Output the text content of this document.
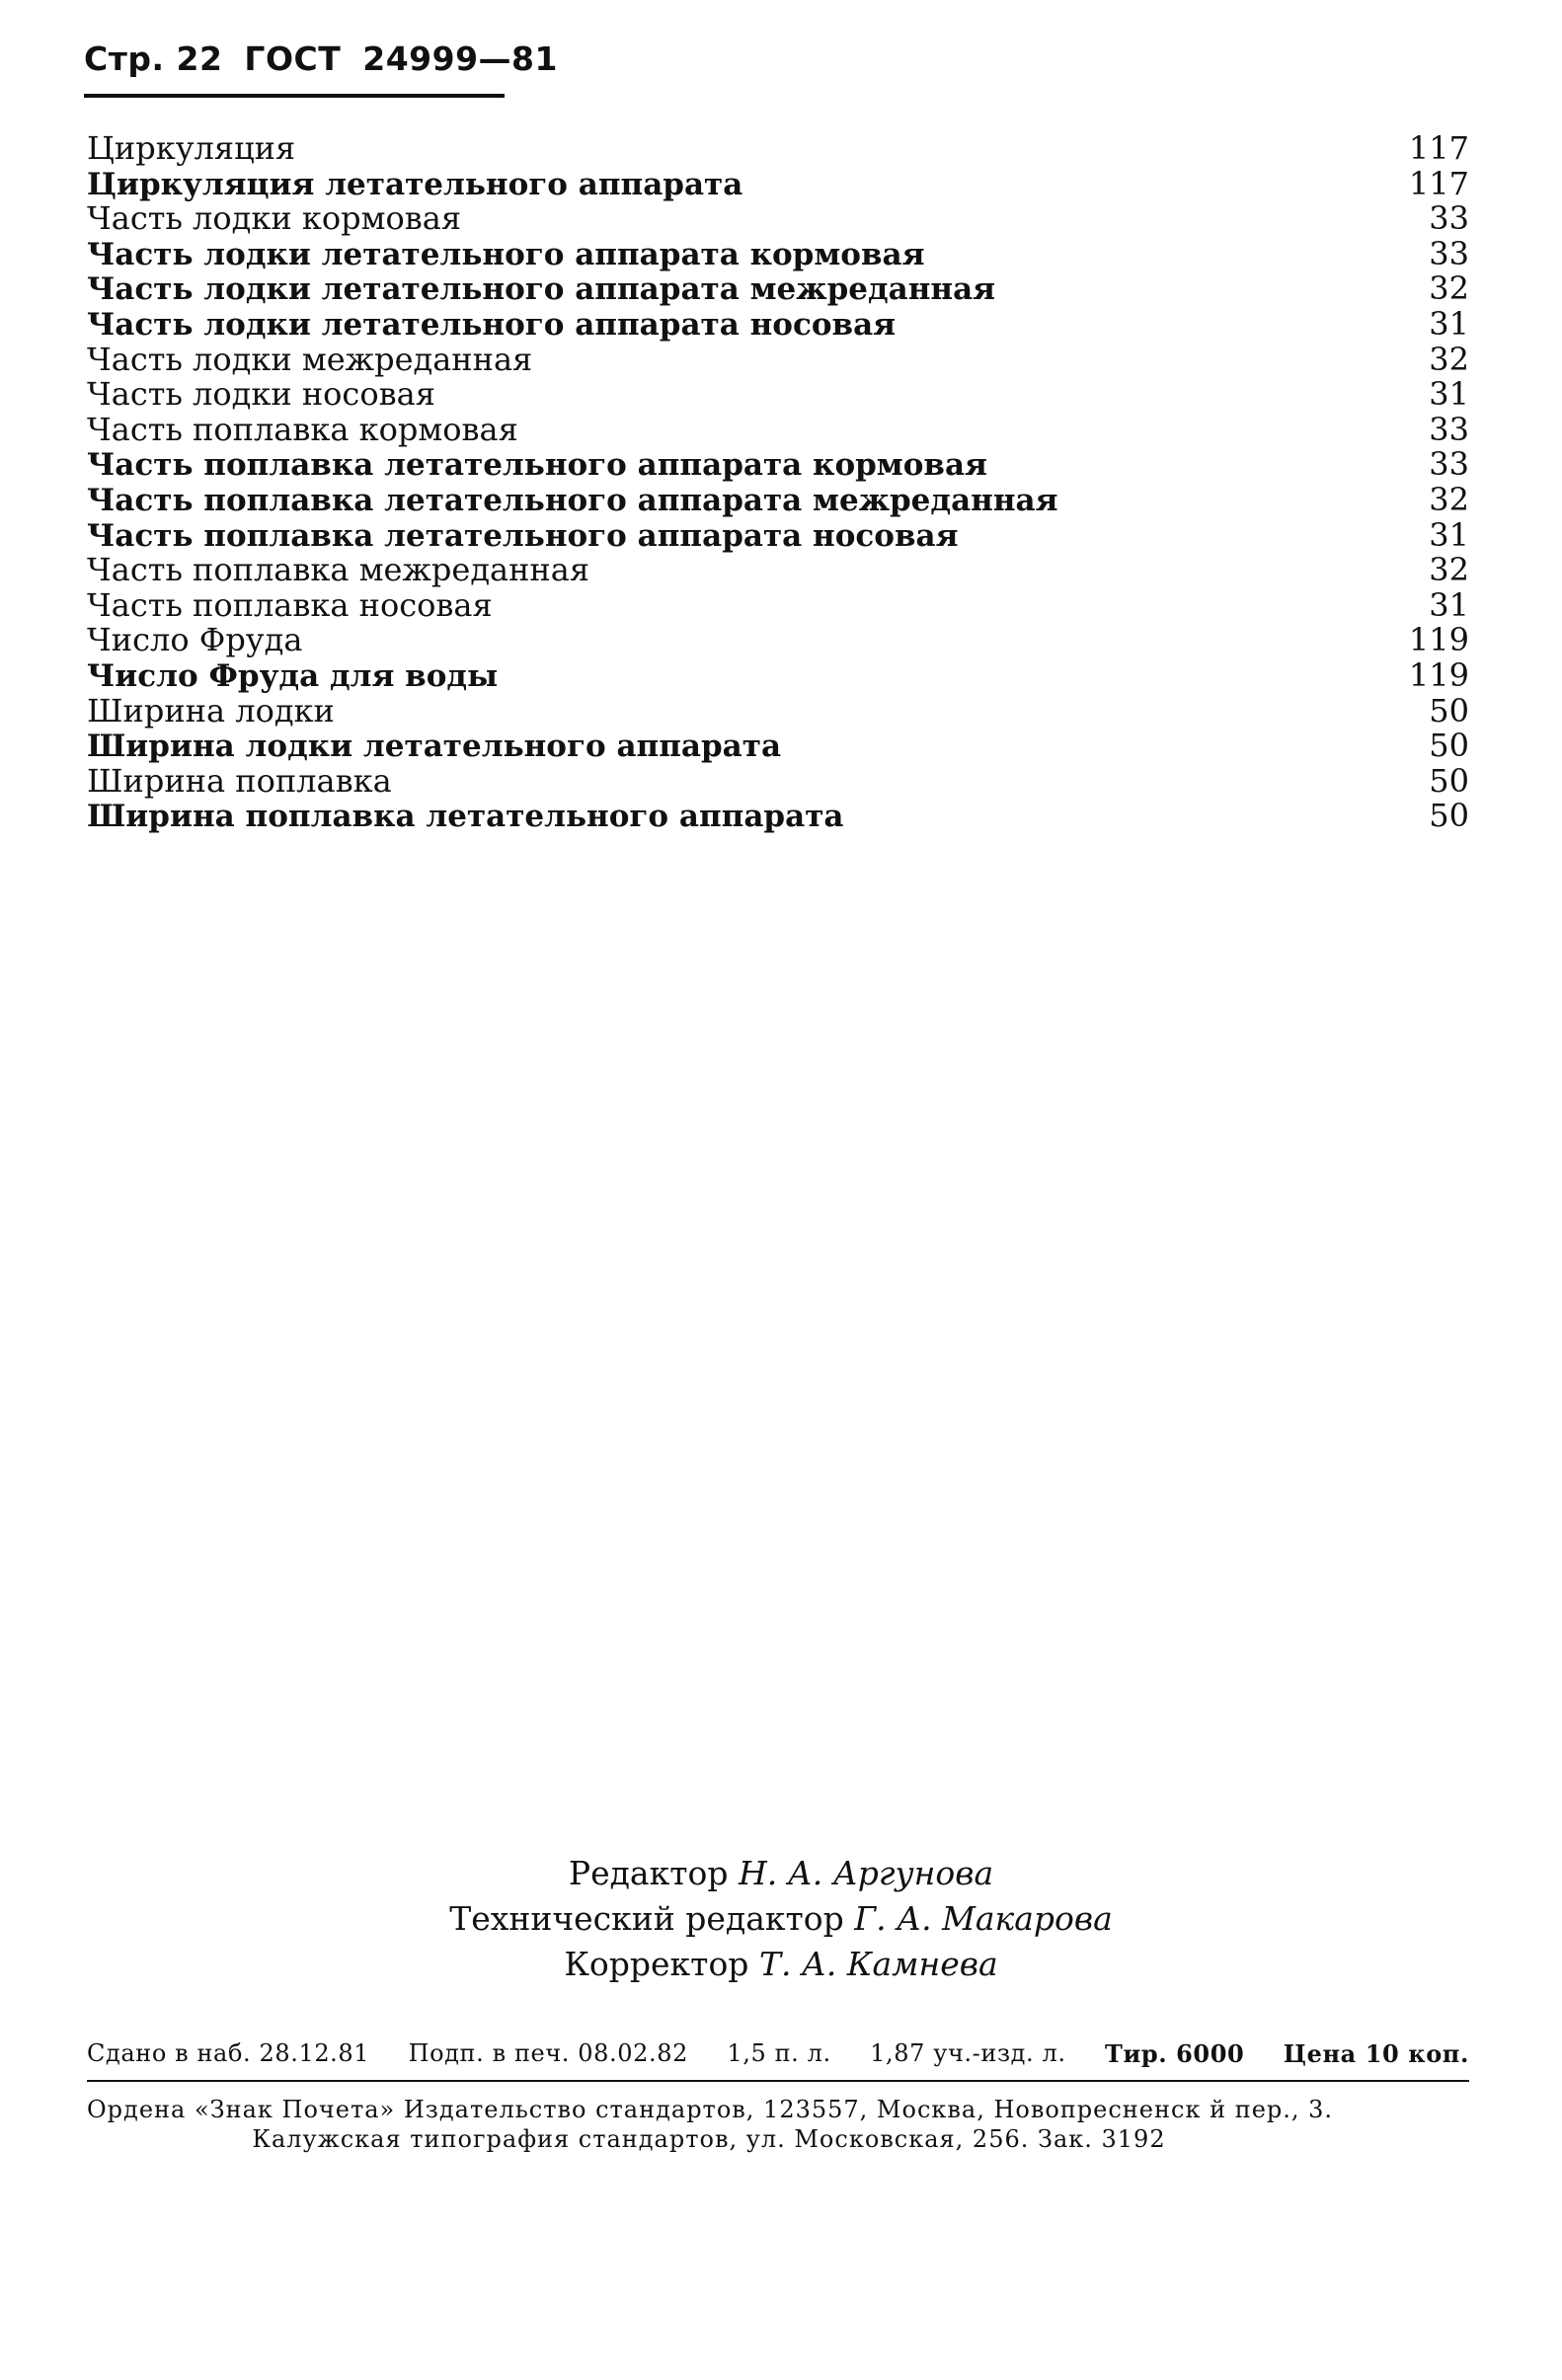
Стр. 22 ГОСТ 24999—81
Циркуляция	117
Циркуляция летательного аппарата	117
Часть лодки кормовая	33
Часть лодки летательного аппарата кормовая	33
Часть лодки летательного аппарата межреданная	32
Часть лодки летательного аппарата носовая	31
Часть лодки межреданная	32
Часть лодки носовая	31
Часть поплавка кормовая	33
Часть поплавка летательного аппарата кормовая	33
Часть поплавка летательного аппарата межреданная	32
Часть поплавка летательного аппарата носовая	31
Часть поплавка межреданная	32
Часть поплавка носовая	31
Число Фруда	119
Число Фруда для воды	119
Ширина лодки	50
Ширина лодки летательного аппарата	50
Ширина поплавка	50
Ширина поплавка летательного аппарата	50
Редактор Н. А. Аргунова
Технический редактор Г. А. Макарова
Корректор Т. А. Камнева
Сдано в наб. 28.12.81 Подп. в печ. 08.02.82 1,5 п. л. 1,87 уч.-изд. л. Тир. 6000 Цена 10 коп.
Ордена «Знак Почета» Издательство стандартов, 123557, Москва, Новопресненск й пер., 3.
Калужская типография стандартов, ул. Московская, 256. Зак. 3192
